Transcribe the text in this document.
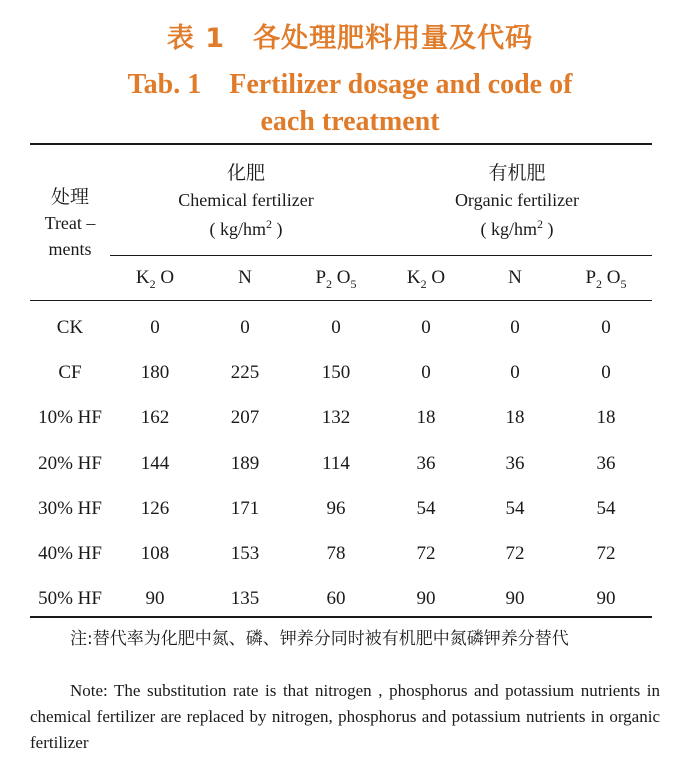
表 1　各处理肥料用量及代码
Tab. 1　Fertilizer dosage and code of
each treatment
处理
Treat –
ments
化肥
Chemical fertilizer
( $kg/hm^2$ )
有机肥
Organic fertilizer
( $kg/hm^2$ )
$K_2$ O	N	$P_2$ $O_5$	$K_2$ O	N	$P_2$ $O_5$
CK	0	0	0	0	0	0
CF	180	225	150	0	0	0
10% HF	162	207	132	18	18	18
20% HF	144	189	114	36	36	36
30% HF	126	171	96	54	54	54
40% HF	108	153	78	72	72	72
50% HF	90	135	60	90	90	90
注:替代率为化肥中氮、磷、钾养分同时被有机肥中氮磷钾养分替代
Note: The substitution rate is that nitrogen , phosphorus and potassium nutrients in chemical fertilizer are replaced by nitrogen, phosphorus and potassium nutrients in organic fertilizer
